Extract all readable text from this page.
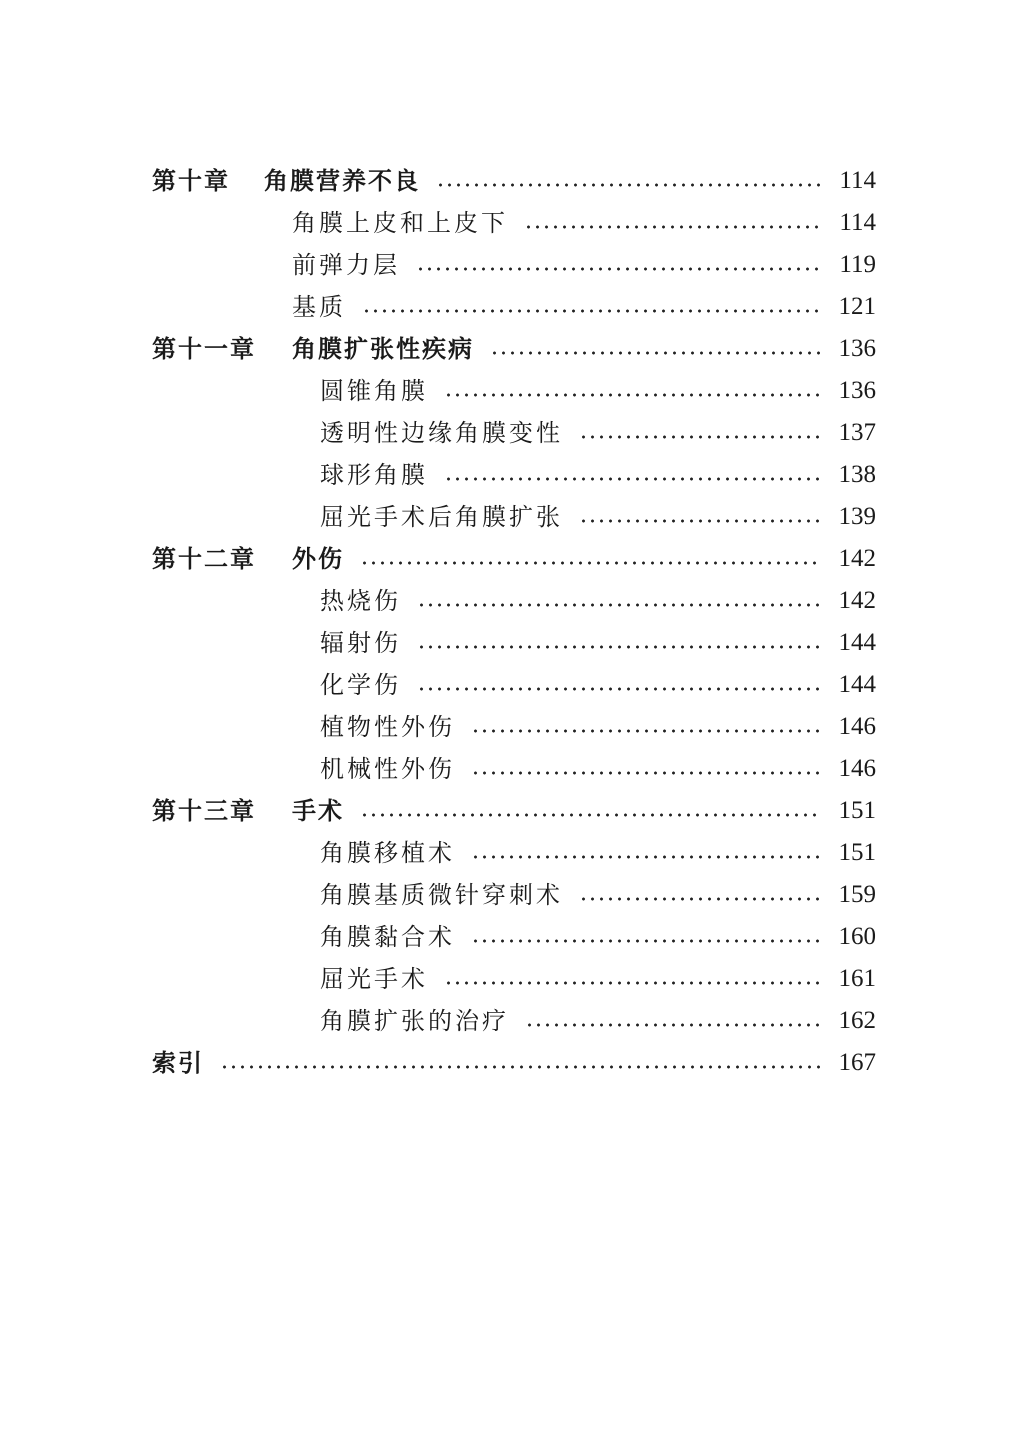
第十章	角膜营养不良	114
角膜上皮和上皮下	114
前弹力层	119
基质	121
第十一章	角膜扩张性疾病	136
圆锥角膜	136
透明性边缘角膜变性	137
球形角膜	138
屈光手术后角膜扩张	139
第十二章	外伤	142
热烧伤	142
辐射伤	144
化学伤	144
植物性外伤	146
机械性外伤	146
第十三章	手术	151
角膜移植术	151
角膜基质微针穿刺术	159
角膜黏合术	160
屈光手术	161
角膜扩张的治疗	162
索引	167
